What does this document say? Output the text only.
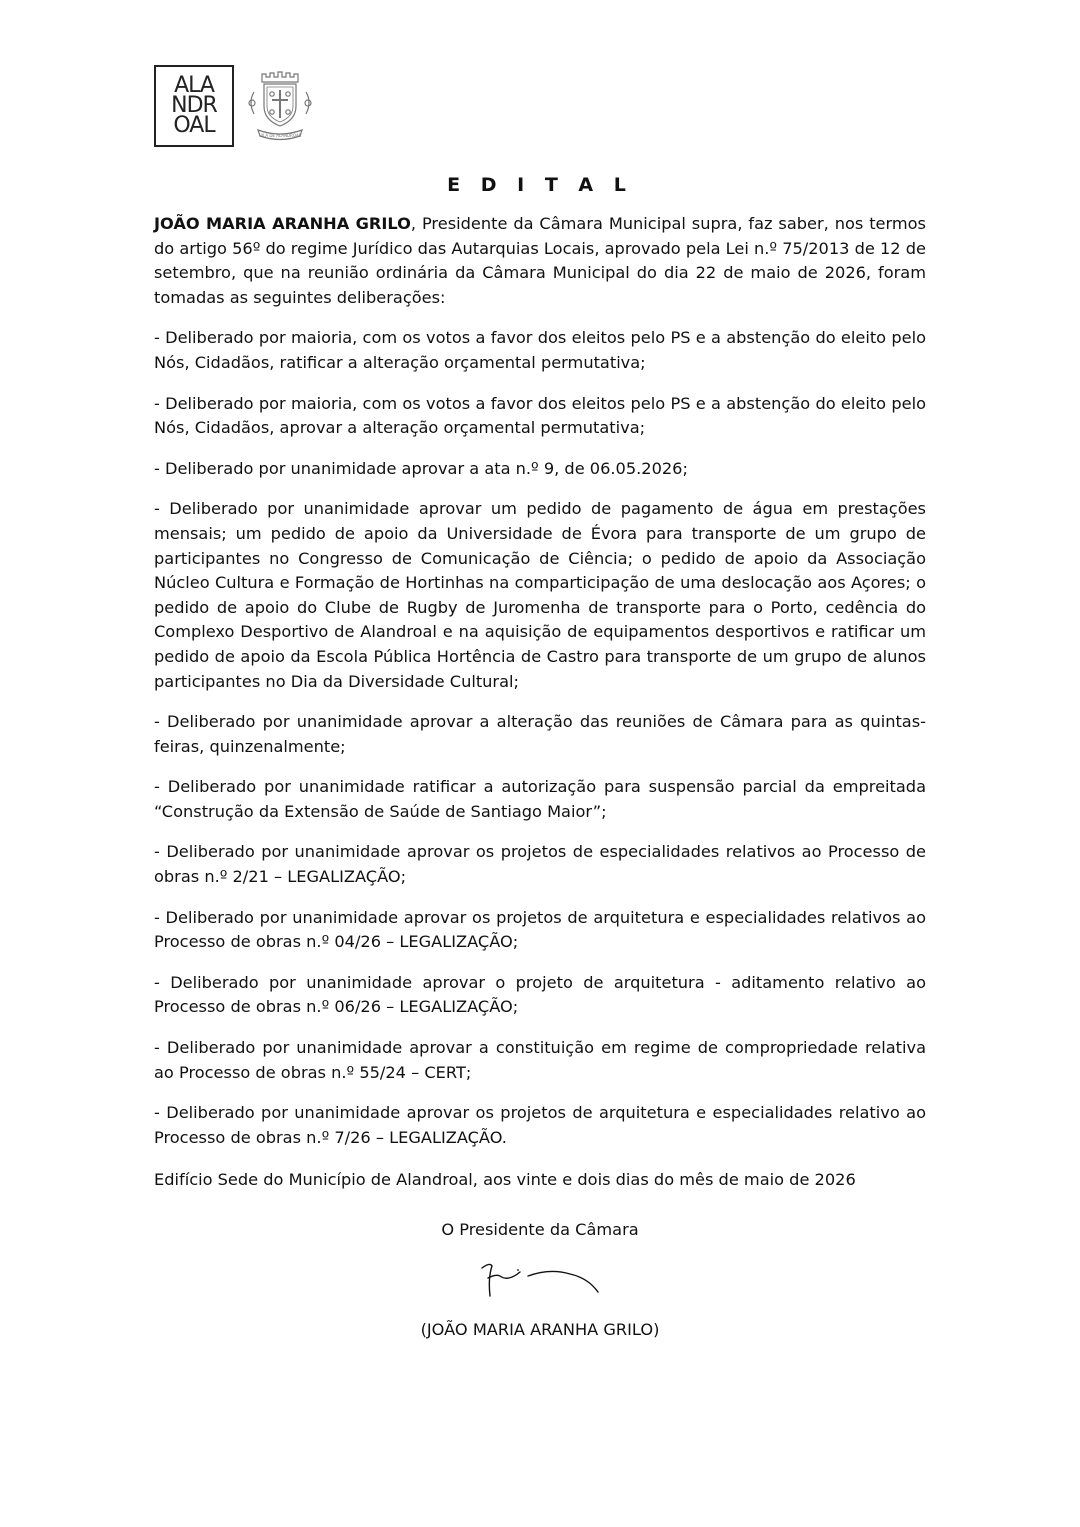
ALA
NDR
OAL	VILA DE ALANDROAL
E D I T A L

JOÃO MARIA ARANHA GRILO, Presidente da Câmara Municipal supra, faz saber, nos termos do artigo 56º do regime Jurídico das Autarquias Locais, aprovado pela Lei n.º 75/2013 de 12 de setembro, que na reunião ordinária da Câmara Municipal do dia 22 de maio de 2026, foram tomadas as seguintes deliberações:

- Deliberado por maioria, com os votos a favor dos eleitos pelo PS e a abstenção do eleito pelo Nós, Cidadãos, ratificar a alteração orçamental permutativa;

- Deliberado por maioria, com os votos a favor dos eleitos pelo PS e a abstenção do eleito pelo Nós, Cidadãos, aprovar a alteração orçamental permutativa;

- Deliberado por unanimidade aprovar a ata n.º 9, de 06.05.2026;

- Deliberado por unanimidade aprovar um pedido de pagamento de água em prestações mensais; um pedido de apoio da Universidade de Évora para transporte de um grupo de participantes no Congresso de Comunicação de Ciência; o pedido de apoio da Associação Núcleo Cultura e Formação de Hortinhas na comparticipação de uma deslocação aos Açores; o pedido de apoio do Clube de Rugby de Juromenha de transporte para o Porto, cedência do Complexo Desportivo de Alandroal e na aquisição de equipamentos desportivos e ratificar um pedido de apoio da Escola Pública Hortência de Castro para transporte de um grupo de alunos participantes no Dia da Diversidade Cultural;

- Deliberado por unanimidade aprovar a alteração das reuniões de Câmara para as quintas-feiras, quinzenalmente;

- Deliberado por unanimidade ratificar a autorização para suspensão parcial da empreitada “Construção da Extensão de Saúde de Santiago Maior”;

- Deliberado por unanimidade aprovar os projetos de especialidades relativos ao Processo de obras n.º 2/21 – LEGALIZAÇÃO;

- Deliberado por unanimidade aprovar os projetos de arquitetura e especialidades relativos ao Processo de obras n.º 04/26 – LEGALIZAÇÃO;

- Deliberado por unanimidade aprovar o projeto de arquitetura - aditamento relativo ao Processo de obras n.º 06/26 – LEGALIZAÇÃO;

- Deliberado por unanimidade aprovar a constituição em regime de compropriedade relativa ao Processo de obras n.º 55/24 – CERT;

- Deliberado por unanimidade aprovar os projetos de arquitetura e especialidades relativo ao Processo de obras n.º 7/26 – LEGALIZAÇÃO.

Edifício Sede do Município de Alandroal, aos vinte e dois dias do mês de maio de 2026
O Presidente da Câmara
(JOÃO MARIA ARANHA GRILO)
